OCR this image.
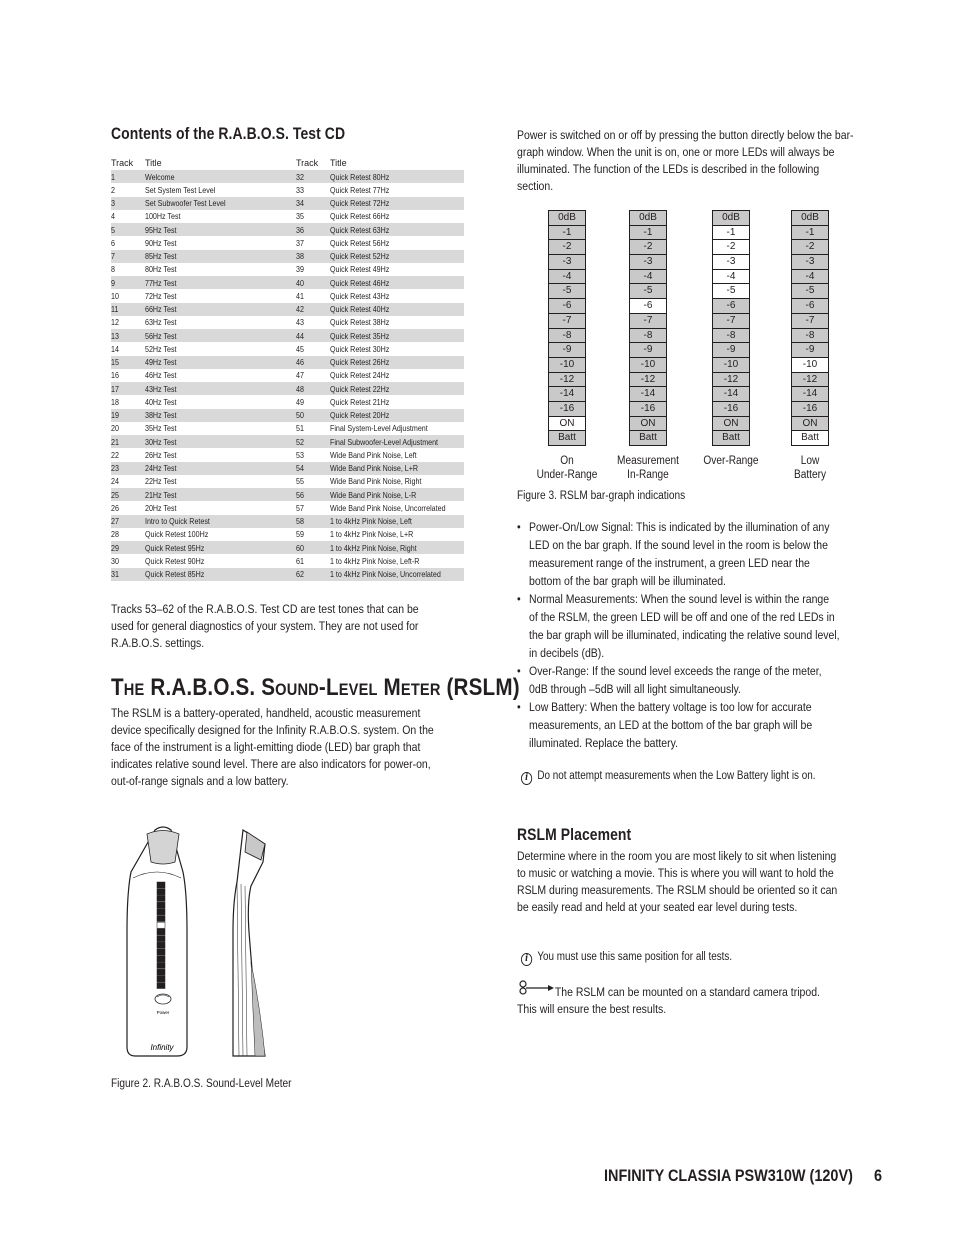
Contents of the R.A.B.O.S. Test CD
Track	Title	Track	Title
1	Welcome	32	Quick Retest 80Hz
2	Set System Test Level	33	Quick Retest 77Hz
3	Set Subwoofer Test Level	34	Quick Retest 72Hz
4	100Hz Test	35	Quick Retest 66Hz
5	95Hz Test	36	Quick Retest 63Hz
6	90Hz Test	37	Quick Retest 56Hz
7	85Hz Test	38	Quick Retest 52Hz
8	80Hz Test	39	Quick Retest 49Hz
9	77Hz Test	40	Quick Retest 46Hz
10	72Hz Test	41	Quick Retest 43Hz
11	66Hz Test	42	Quick Retest 40Hz
12	63Hz Test	43	Quick Retest 38Hz
13	56Hz Test	44	Quick Retest 35Hz
14	52Hz Test	45	Quick Retest 30Hz
15	49Hz Test	46	Quick Retest 26Hz
16	46Hz Test	47	Quick Retest 24Hz
17	43Hz Test	48	Quick Retest 22Hz
18	40Hz Test	49	Quick Retest 21Hz
19	38Hz Test	50	Quick Retest 20Hz
20	35Hz Test	51	Final System-Level Adjustment
21	30Hz Test	52	Final Subwoofer-Level Adjustment
22	26Hz Test	53	Wide Band Pink Noise, Left
23	24Hz Test	54	Wide Band Pink Noise, L+R
24	22Hz Test	55	Wide Band Pink Noise, Right
25	21Hz Test	56	Wide Band Pink Noise, L-R
26	20Hz Test	57	Wide Band Pink Noise, Uncorrelated
27	Intro to Quick Retest	58	1 to 4kHz Pink Noise, Left
28	Quick Retest 100Hz	59	1 to 4kHz Pink Noise, L+R
29	Quick Retest 95Hz	60	1 to 4kHz Pink Noise, Right
30	Quick Retest 90Hz	61	1 to 4kHz Pink Noise, Left-R
31	Quick Retest 85Hz	62	1 to 4kHz Pink Noise, Uncorrelated
Tracks 53–62 of the R.A.B.O.S. Test CD are test tones that can be used for general diagnostics of your system. They are not used for R.A.B.O.S. settings.
THE R.A.B.O.S. SOUND-LEVEL METER (RSLM)
The RSLM is a battery-operated, handheld, acoustic measurement device specifically designed for the Infinity R.A.B.O.S. system. On the face of the instrument is a light-emitting diode (LED) bar graph that indicates relative sound level. There are also indicators for power-on, out-of-range signals and a low battery.
Power
Infinity
Figure 2. R.A.B.O.S. Sound-Level Meter
Power is switched on or off by pressing the button directly below the bar-graph window. When the unit is on, one or more LEDs will always be illuminated. The function of the LEDs is described in the following section.
0dB
-1
-2
-3
-4
-5
-6
-7
-8
-9
-10
-12
-14
-16
ON
Batt
0dB
-1
-2
-3
-4
-5
-6
-7
-8
-9
-10
-12
-14
-16
ON
Batt
0dB
-1
-2
-3
-4
-5
-6
-7
-8
-9
-10
-12
-14
-16
ON
Batt
0dB
-1
-2
-3
-4
-5
-6
-7
-8
-9
-10
-12
-14
-16
ON
Batt
On
Under-Range
Measurement
In-Range
Over-Range	Low
Battery
Figure 3. RSLM bar-graph indications
• Power-On/Low Signal: This is indicated by the illumination of any LED on the bar graph. If the sound level in the room is below the measurement range of the instrument, a green LED near the bottom of the bar graph will be illuminated.
• Normal Measurements: When the sound level is within the range of the RSLM, the green LED will be off and one of the red LEDs in the bar graph will be illuminated, indicating the relative sound level, in decibels (dB).
• Over-Range: If the sound level exceeds the range of the meter, 0dB through –5dB will all light simultaneously.
• Low Battery: When the battery voltage is too low for accurate measurements, an LED at the bottom of the bar graph will be illuminated. Replace the battery.
i Do not attempt measurements when the Low Battery light is on.
RSLM Placement
Determine where in the room you are most likely to sit when listening to music or watching a movie. This is where you will want to hold the RSLM during measurements. The RSLM should be oriented so it can be easily read and held at your seated ear level during tests.
i You must use this same position for all tests.
The RSLM can be mounted on a standard camera tripod. This will ensure the best results.
INFINITY CLASSIA PSW310W (120V) 6
